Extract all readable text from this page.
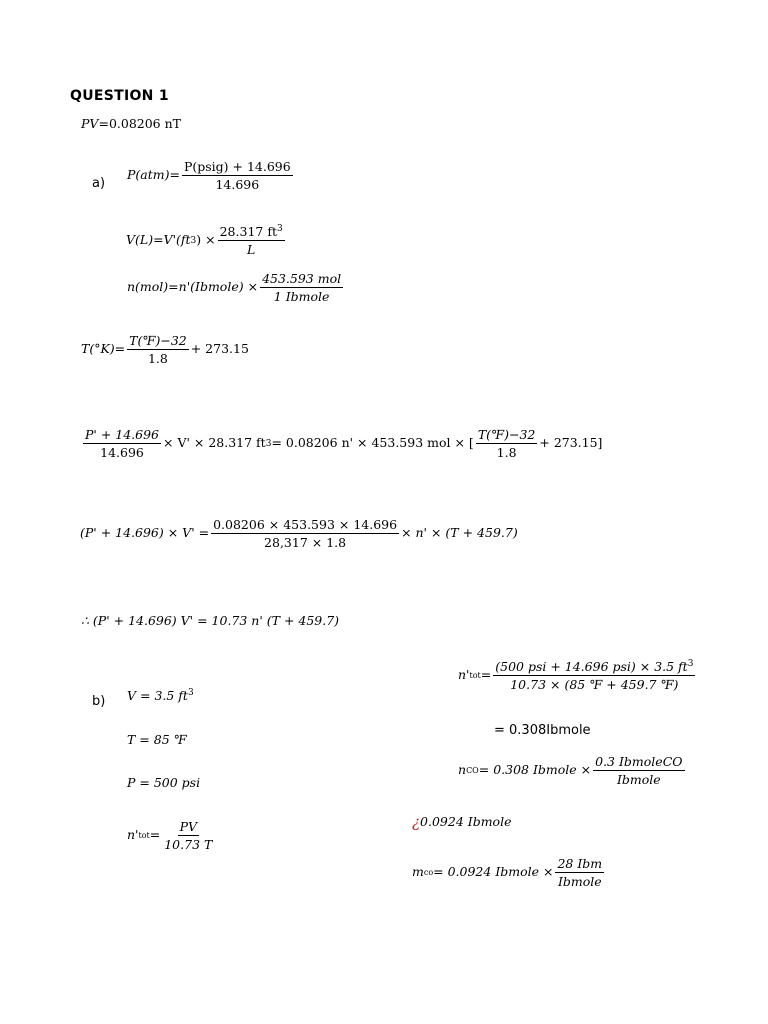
QUESTION 1
PV = 0.08206 nT
a)
$P(atm)= \frac{\text{P(psig) + 14.696}}{14.696}$
V(L)=V'(ft 3 ) × $\frac{28.317 ft^3}{L}$
n(mol)=n'(Ibmole) × $\frac{\text{453.593 mol}}{\text{1 Ibmole}}$
$T(^\circ K)= \frac{T(℉)-32}{1.8} + 273.15$
$\frac{P' + 14.696}{14.696} \times V' \times 28.317$ ft 3 = 0.08206 n' × 453.593 mol × [ $\frac{T(℉)-32}{1.8} + 273.15$]
$(P' + 14.696) \times V' = \frac{0.08206 \times 453.593 \times 14.696}{28,317 \times 1.8} \times n' \times (T + 459.7)$
∴ (P' + 14.696) V' = 10.73 n' (T + 459.7)
b) V = 3.5 $ft^3$
T = 85 ℉
P = 500 psi
n' tot = $\frac{PV}{10.73 T}$
n' tot = $\frac{(500 psi + 14.696 psi) \times 3.5 ft^3}{10.73 \times (85 ℉ + 459.7 ℉)}$
= 0.308Ibmole
n CO = 0.308 Ibmole × $\frac{\text{0.3 IbmoleCO}}{\text{Ibmole}}$
¿ 0.0924 Ibmole
m co = 0.0924 Ibmole × $\frac{\text{28 Ibm}}{\text{Ibmole}}$
